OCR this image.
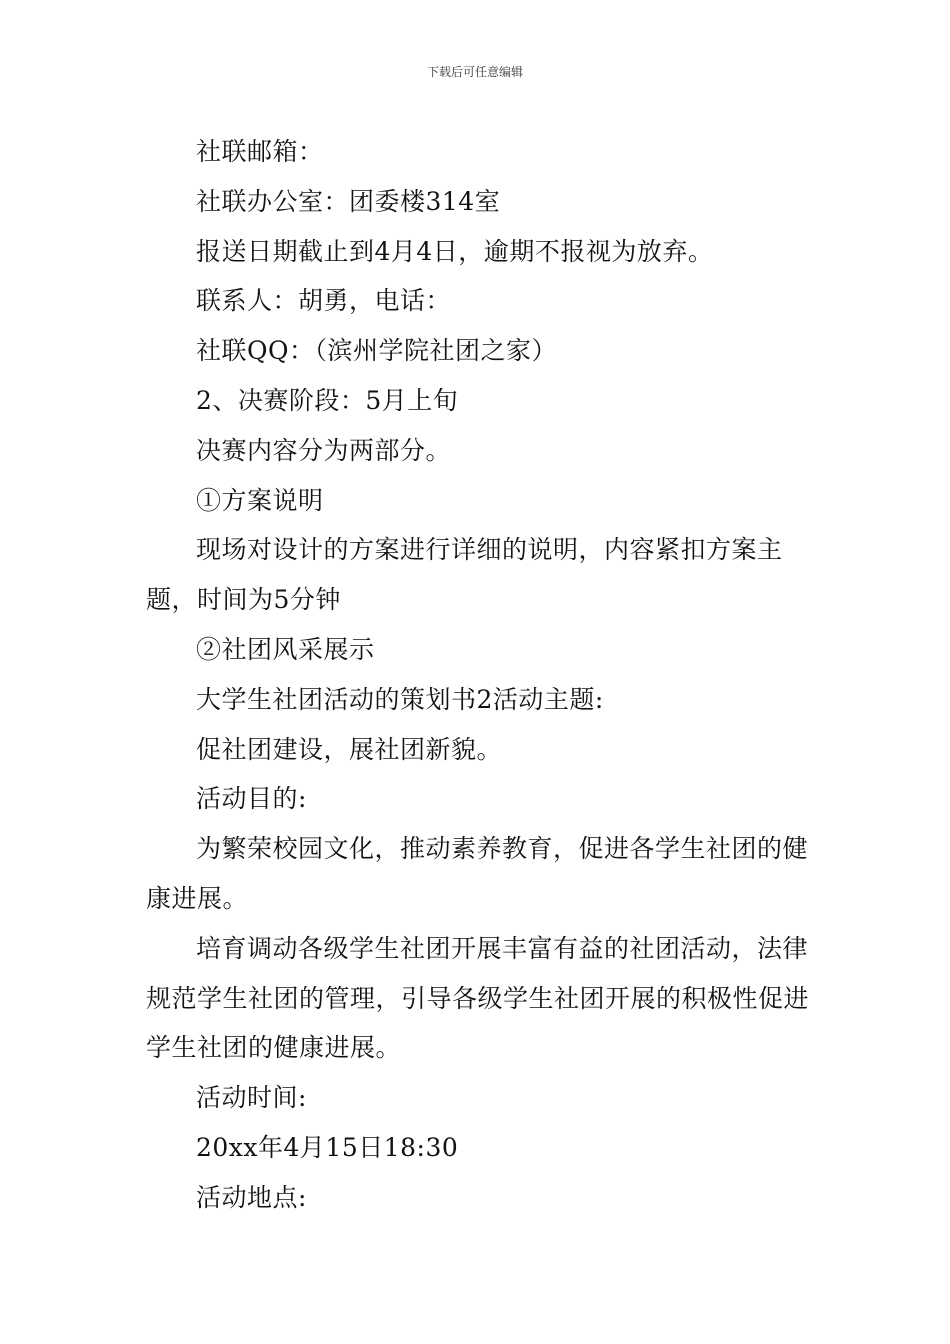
下载后可任意编辑

社联邮箱：

社联办公室：团委楼314室

报送日期截止到4月4日，逾期不报视为放弃。

联系人：胡勇，电话：

社联QQ：（滨州学院社团之家）

2、决赛阶段：5月上旬

决赛内容分为两部分。

①方案说明

现场对设计的方案进行详细的说明，内容紧扣方案主题，时间为5分钟

②社团风采展示

大学生社团活动的策划书2活动主题:

促社团建设，展社团新貌。

活动目的:

为繁荣校园文化，推动素养教育，促进各学生社团的健康进展。

培育调动各级学生社团开展丰富有益的社团活动，法律规范学生社团的管理，引导各级学生社团开展的积极性促进学生社团的健康进展。

活动时间:

20xx年4月15日18:30

活动地点:
